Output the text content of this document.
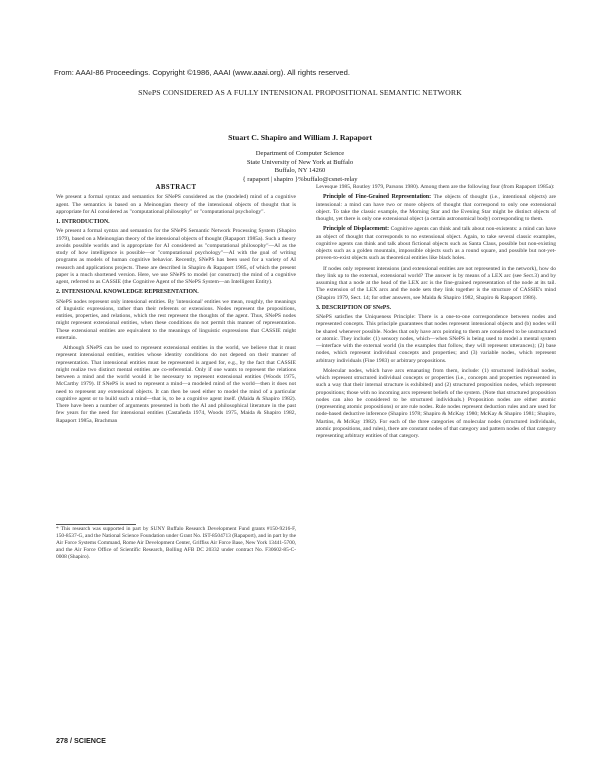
From: AAAI-86 Proceedings. Copyright ©1986, AAAI (www.aaai.org). All rights reserved.
SNePS CONSIDERED AS A FULLY INTENSIONAL PROPOSITIONAL SEMANTIC NETWORK
Stuart C. Shapiro and William J. Rapaport
Department of Computer Science
State University of New York at Buffalo
Buffalo, NY 14260
{ rapaport | shapiro }%buffalo@csnet-relay
ABSTRACT

We present a formal syntax and semantics for SNePS considered as the (modeled) mind of a cognitive agent. The semantics is based on a Meinongian theory of the intensional objects of thought that is appropriate for AI considered as "computational philosophy" or "computational psychology".

1. INTRODUCTION.

We present a formal syntax and semantics for the SNePS Semantic Network Processing System (Shapiro 1979), based on a Meinongian theory of the intensional objects of thought (Rapaport 1985a). Such a theory avoids possible worlds and is appropriate for AI considered as "computational philosophy"—AI as the study of how intelligence is possible—or "computational psychology"—AI with the goal of writing programs as models of human cognitive behavior. Recently, SNePS has been used for a variety of AI research and applications projects. These are described in Shapiro & Rapaport 1985, of which the present paper is a much shortened version. Here, we use SNePS to model (or construct) the mind of a cognitive agent, referred to as CASSIE (the Cognitive Agent of the SNePS System—an Intelligent Entity).

2. INTENSIONAL KNOWLEDGE REPRESENTATION.

SNePS nodes represent only intensional entities. By 'intensional' entities we mean, roughly, the meanings of linguistic expressions, rather than their referents or extensions. Nodes represent the propositions, entities, properties, and relations, which the rest represent the thoughts of the agent. Thus, SNePS nodes might represent extensional entities, when these conditions do not permit this manner of representation. These extensional entities are equivalent to the meanings of linguistic expressions that CASSIE might entertain.

Although SNePS can be used to represent extensional entities in the world, we believe that it must represent intensional entities, entities whose identity conditions do not depend on their manner of representation. That intensional entities must be represented is argued for, e.g., by the fact that CASSIE might realize two distinct mental entities are co-referential. Only if one wants to represent the relations between a mind and the world would it be necessary to represent extensional entities (Woods 1975, McCarthy 1979). If SNePS is used to represent a mind—a modeled mind of the world—then it does not need to represent any extensional objects. It can then be used either to model the mind of a particular cognitive agent or to build such a mind—that is, to be a cognitive agent itself. (Maida & Shapiro 1982). There have been a number of arguments presented in both the AI and philosophical literature in the past few years for the need for intensional entities (Castañeda 1974, Woods 1975, Maida & Shapiro 1982, Rapaport 1985a, Brachman

* This research was supported in part by SUNY Buffalo Research Development Fund grants #150-9216-F, 150-8537-G, and the National Science Foundation under Grant No. IST-8504713 (Rapaport), and in part by the Air Force Systems Command, Rome Air Development Center, Griffiss Air Force Base, New York 13441-5700, and the Air Force Office of Scientific Research, Bolling AFB DC 20332 under contract No. F30602-85-C-0008 (Shapiro).

Levesque 1985, Routley 1979, Parsons 1980). Among them are the following four (from Rapaport 1985a):

Principle of Fine-Grained Representation: The objects of thought (i.e., intentional objects) are intensional: a mind can have two or more objects of thought that correspond to only one extensional object. To take the classic example, the Morning Star and the Evening Star might be distinct objects of thought, yet there is only one extensional object (a certain astronomical body) corresponding to them.

Principle of Displacement: Cognitive agents can think and talk about non-existents: a mind can have an object of thought that corresponds to no extensional object. Again, to take several classic examples, cognitive agents can think and talk about fictional objects such as Santa Claus, possible but non-existing objects such as a golden mountain, impossible objects such as a round square, and possible but not-yet-proven-to-exist objects such as theoretical entities like black holes.

If nodes only represent intensions (and extensional entities are not represented in the network), how do they link up to the external, extensional world? The answer is by means of a LEX arc (see Sect.3) and by assuming that a node at the head of the LEX arc is the fine-grained representation of the node at its tail. The extension of the LEX arcs and the node sets they link together is the structure of CASSIE's mind (Shapiro 1979, Sect. 14; for other answers, see Maida & Shapiro 1982, Shapiro & Rapaport 1986).

3. DESCRIPTION OF SNePS.

SNePS satisfies the Uniqueness Principle: There is a one-to-one correspondence between nodes and represented concepts. This principle guarantees that nodes represent intensional objects and (b) nodes will be shared whenever possible. Nodes that only have arcs pointing to them are considered to be unstructured or atomic. They include: (1) sensory nodes, which—when SNePS is being used to model a mental system—interface with the external world (in the examples that follow, they will represent utterances); (2) base nodes, which represent individual concepts and properties; and (3) variable nodes, which represent arbitrary individuals (Fine 1983) or arbitrary propositions.

Molecular nodes, which have arcs emanating from them, include: (1) structured individual nodes, which represent structured individual concepts or properties (i.e., concepts and properties represented in such a way that their internal structure is exhibited) and (2) structured proposition nodes, which represent propositions; those with no incoming arcs represent beliefs of the system. (Note that structured proposition nodes can also be considered to be structured individuals.) Proposition nodes are either atomic (representing atomic propositions) or are rule nodes. Rule nodes represent deduction rules and are used for node-based deductive inference (Shapiro 1978; Shapiro & McKay 1980; McKay & Shapiro 1981; Shapiro, Martins, & McKay 1982). For each of the three categories of molecular nodes (structured individuals, atomic propositions, and rules), there are constant nodes of that category and pattern nodes of that category representing arbitrary entities of that category.

278 / SCIENCE
